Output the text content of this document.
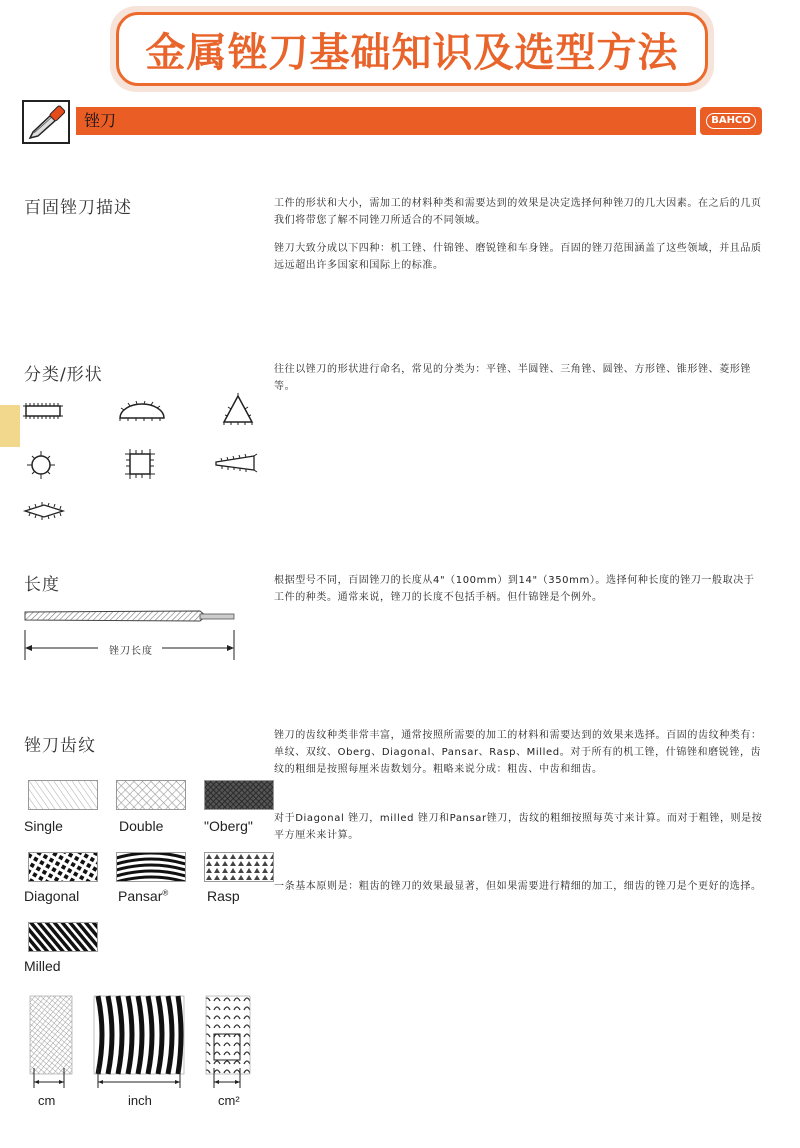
金属锉刀基础知识及选型方法
锉刀	BAHCO
百固锉刀描述	工件的形状和大小，需加工的材料种类和需要达到的效果是决定选择何种锉刀的几大因素。在之后的几页我们将带您了解不同锉刀所适合的不同领域。
锉刀大致分成以下四种：机工锉、什锦锉、磨锐锉和车身锉。百固的锉刀范围涵盖了这些领域，并且品质远远超出许多国家和国际上的标准。
分类/形状	往往以锉刀的形状进行命名，常见的分类为：平锉、半圆锉、三角锉、圆锉、方形锉、锥形锉、菱形锉等。
长度	根据型号不同，百固锉刀的长度从4"（100mm）到14"（350mm）。选择何种长度的锉刀一般取决于工件的种类。通常来说，锉刀的长度不包括手柄。但什锦锉是个例外。
锉刀长度
锉刀齿纹
锉刀的齿纹种类非常丰富，通常按照所需要的加工的材料和需要达到的效果来选择。百固的齿纹种类有：单纹、双纹、Oberg、Diagonal、Pansar、Rasp、Milled。对于所有的机工锉，什锦锉和磨锐锉，齿纹的粗细是按照每厘米齿数划分。粗略来说分成：粗齿、中齿和细齿。
对于Diagonal 锉刀，milled 锉刀和Pansar锉刀，齿纹的粗细按照每英寸来计算。而对于粗锉，则是按平方厘米来计算。
一条基本原则是：粗齿的锉刀的效果最显著，但如果需要进行精细的加工，细齿的锉刀是个更好的选择。
Single	Double	"Oberg"
Diagonal	Pansar®	Rasp
Milled
cm	inch	cm²
